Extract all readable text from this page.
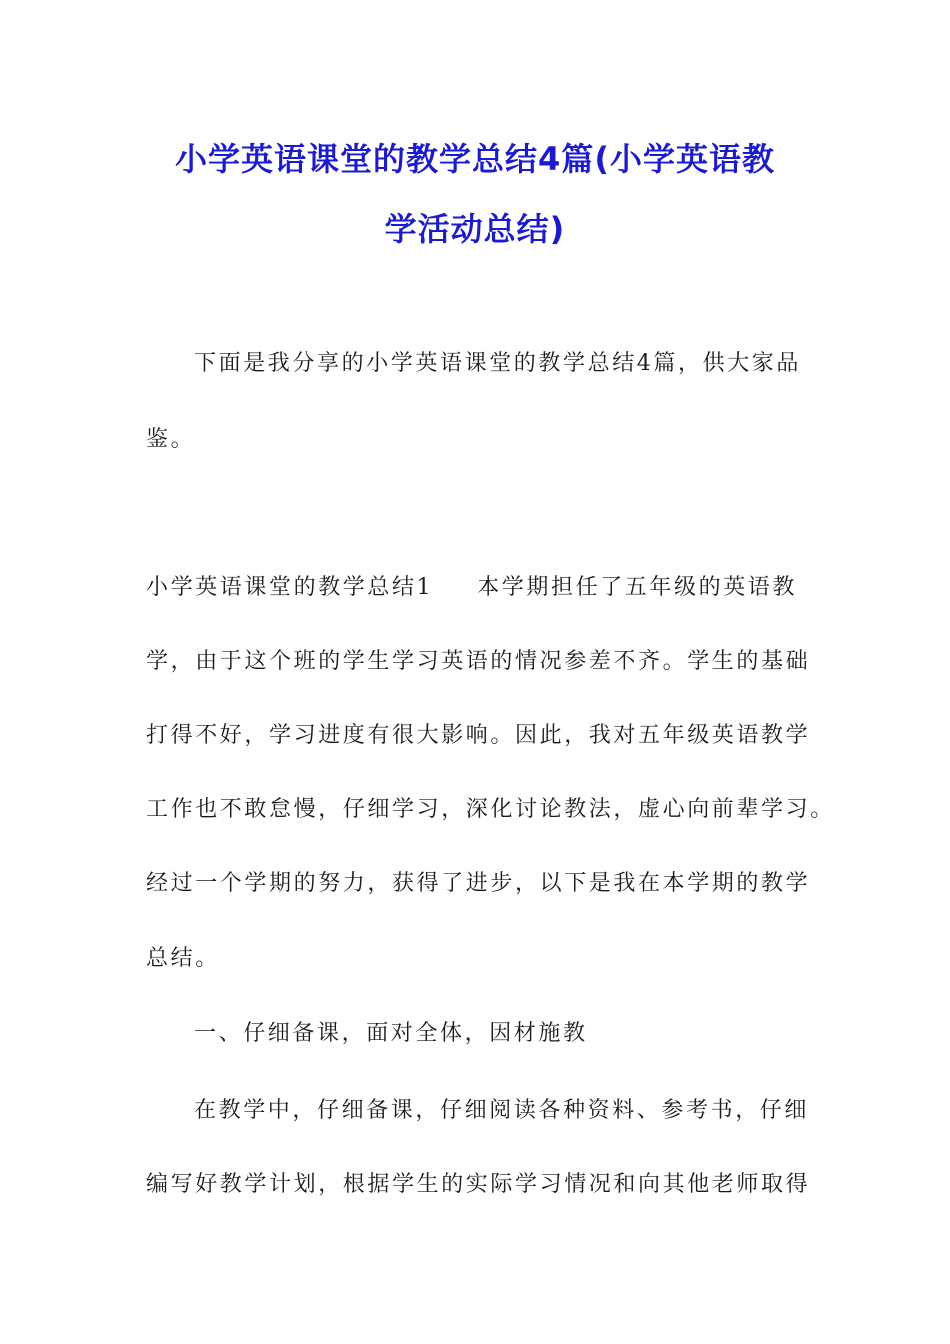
小学英语课堂的教学总结4篇(小学英语教
学活动总结)
下面是我分享的小学英语课堂的教学总结4篇，供大家品
鉴。
小学英语课堂的教学总结1 本学期担任了五年级的英语教
学，由于这个班的学生学习英语的情况参差不齐。学生的基础
打得不好，学习进度有很大影响。因此，我对五年级英语教学
工作也不敢怠慢，仔细学习，深化讨论教法，虚心向前辈学习。
经过一个学期的努力，获得了进步，以下是我在本学期的教学
总结。
一、仔细备课，面对全体，因材施教
在教学中，仔细备课，仔细阅读各种资料、参考书，仔细
编写好教学计划，根据学生的实际学习情况和向其他老师取得
